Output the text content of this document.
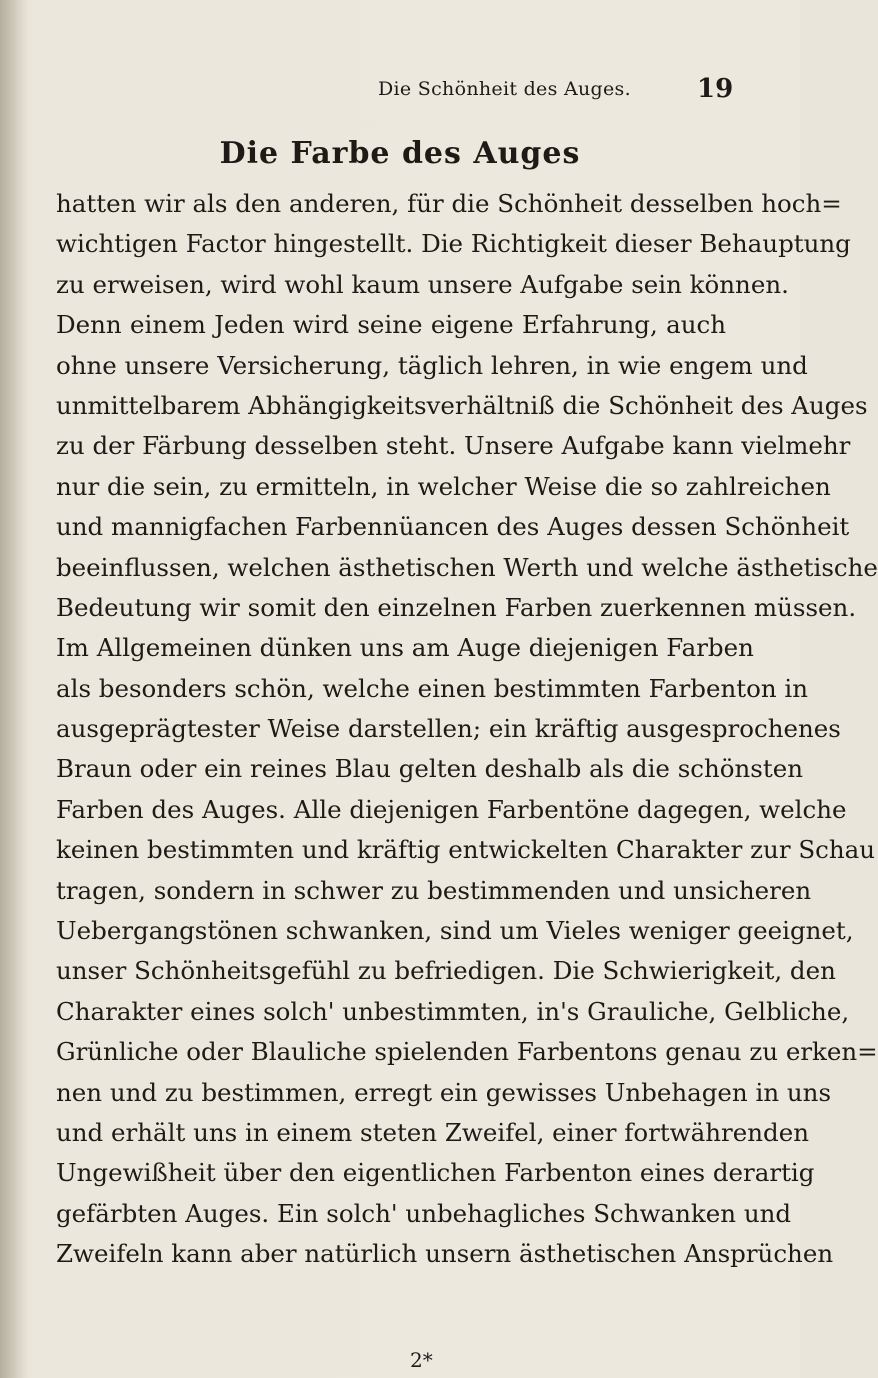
Die Schönheit des Auges.	19
Die Farbe des Auges
hatten wir als den anderen, für die Schönheit desselben hoch=
wichtigen Factor hingestellt. Die Richtigkeit dieser Behauptung
zu erweisen, wird wohl kaum unsere Aufgabe sein können.
Denn einem Jeden wird seine eigene Erfahrung, auch
ohne unsere Versicherung, täglich lehren, in wie engem und
unmittelbarem Abhängigkeitsverhältniß die Schönheit des Auges
zu der Färbung desselben steht. Unsere Aufgabe kann vielmehr
nur die sein, zu ermitteln, in welcher Weise die so zahlreichen
und mannigfachen Farbennüancen des Auges dessen Schönheit
beeinflussen, welchen ästhetischen Werth und welche ästhetische
Bedeutung wir somit den einzelnen Farben zuerkennen müssen.
Im Allgemeinen dünken uns am Auge diejenigen Farben
als besonders schön, welche einen bestimmten Farbenton in
ausgeprägtester Weise darstellen; ein kräftig ausgesprochenes
Braun oder ein reines Blau gelten deshalb als die schönsten
Farben des Auges. Alle diejenigen Farbentöne dagegen, welche
keinen bestimmten und kräftig entwickelten Charakter zur Schau
tragen, sondern in schwer zu bestimmenden und unsicheren
Uebergangstönen schwanken, sind um Vieles weniger geeignet,
unser Schönheitsgefühl zu befriedigen. Die Schwierigkeit, den
Charakter eines solch' unbestimmten, in's Grauliche, Gelbliche,
Grünliche oder Blauliche spielenden Farbentons genau zu erken=
nen und zu bestimmen, erregt ein gewisses Unbehagen in uns
und erhält uns in einem steten Zweifel, einer fortwährenden
Ungewißheit über den eigentlichen Farbenton eines derartig
gefärbten Auges. Ein solch' unbehagliches Schwanken und
Zweifeln kann aber natürlich unsern ästhetischen Ansprüchen
2*
